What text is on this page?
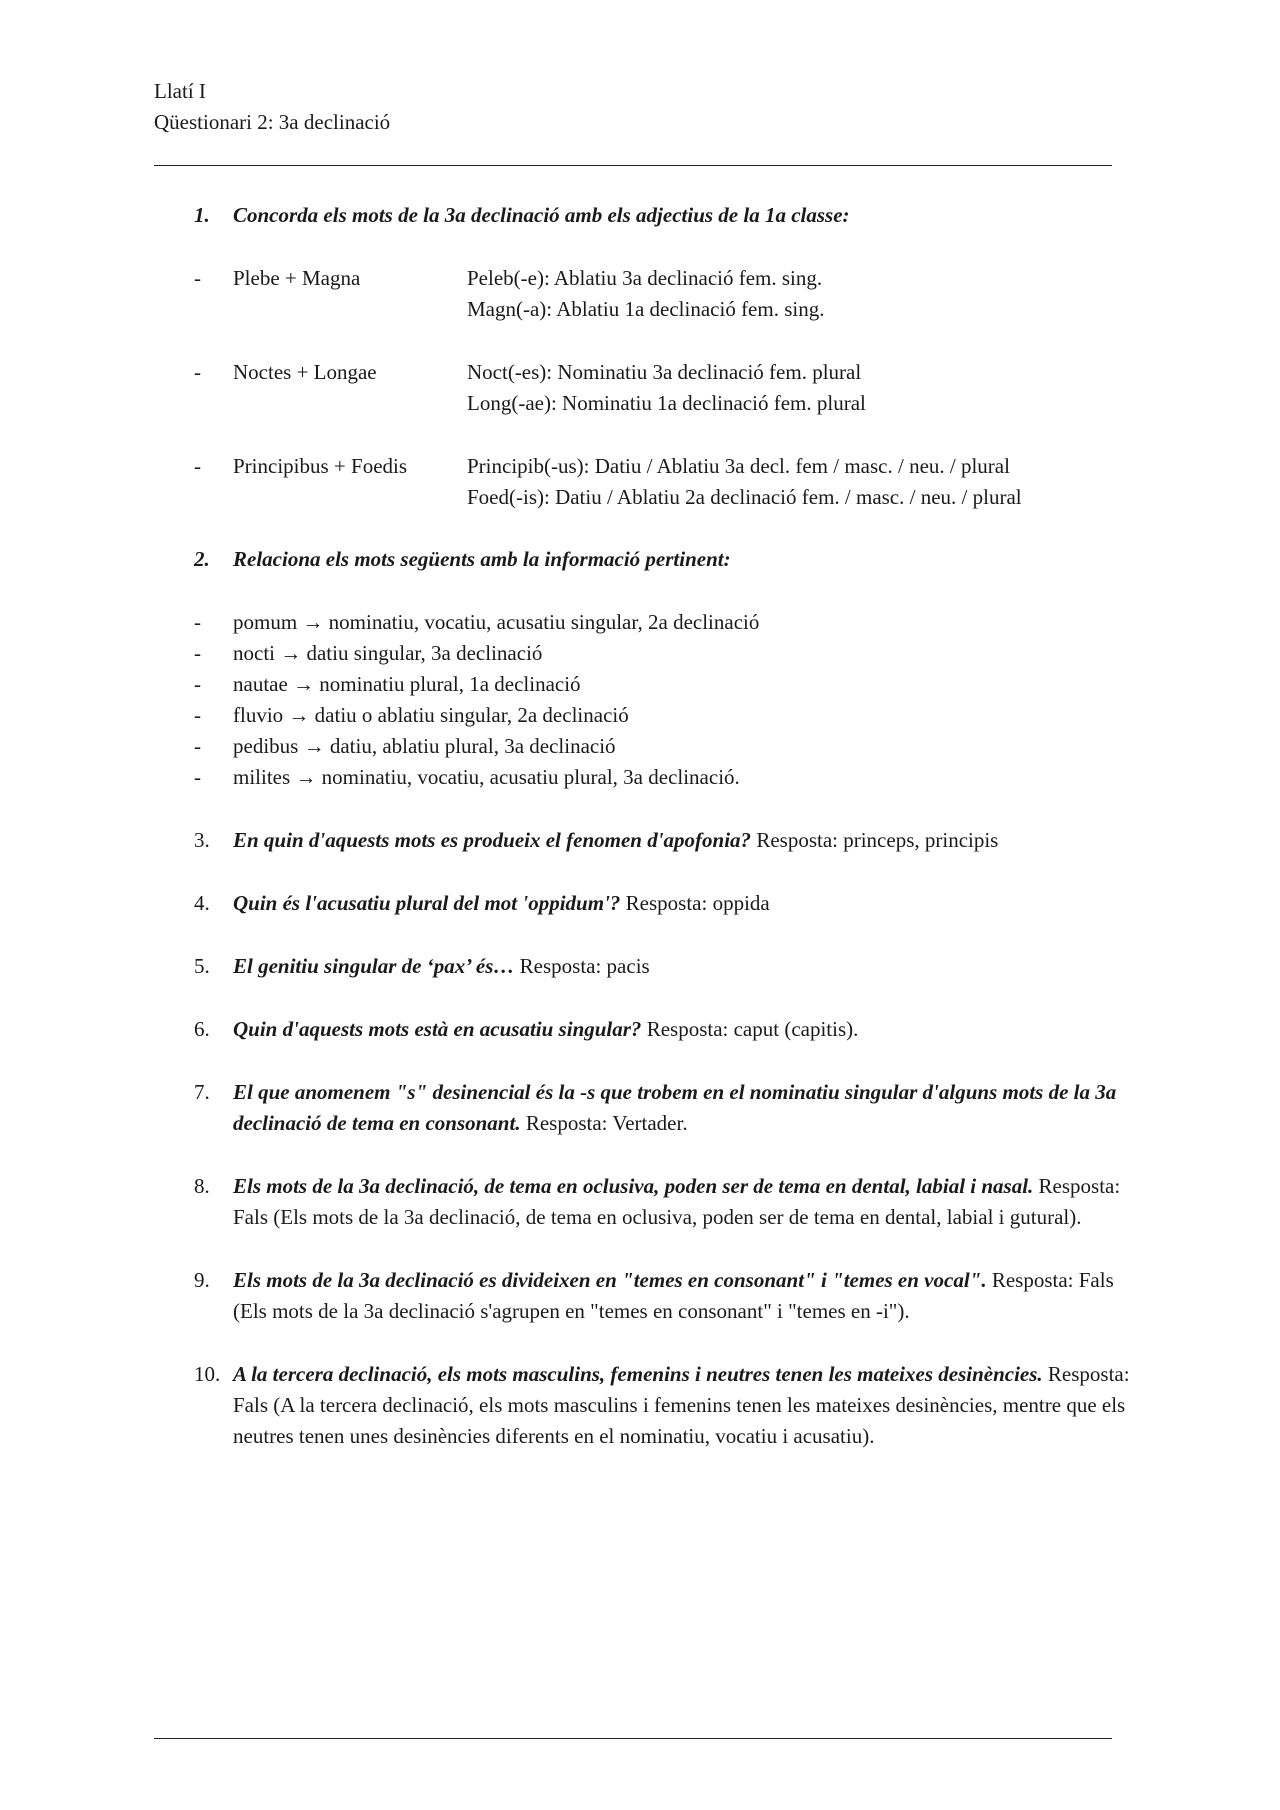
Llatí I
Qüestionari 2: 3a declinació
1.	Concorda els mots de la 3a declinació amb els adjectius de la 1a classe:
- Plebe + Magna	Peleb(-e): Ablatiu 3a declinació fem. sing.
Magn(-a): Ablatiu 1a declinació fem. sing.
- Noctes + Longae	Noct(-es): Nominatiu 3a declinació fem. plural
Long(-ae): Nominatiu 1a declinació fem. plural
- Principibus + Foedis	Principib(-us): Datiu / Ablatiu 3a decl. fem / masc. / neu. / plural
Foed(-is): Datiu / Ablatiu 2a declinació fem. / masc. / neu. / plural
2.	Relaciona els mots següents amb la informació pertinent:
- pomum → nominatiu, vocatiu, acusatiu singular, 2a declinació
- nocti → datiu singular, 3a declinació
- nautae → nominatiu plural, 1a declinació
- fluvio → datiu o ablatiu singular, 2a declinació
- pedibus → datiu, ablatiu plural, 3a declinació
- milites → nominatiu, vocatiu, acusatiu plural, 3a declinació.
3.	En quin d'aquests mots es produeix el fenomen d'apofonia? Resposta: princeps, principis
4.	Quin és l'acusatiu plural del mot 'oppidum'? Resposta: oppida
5.	El genitiu singular de ‘pax’ és… Resposta: pacis
6.	Quin d'aquests mots està en acusatiu singular? Resposta: caput (capitis).
7.	El que anomenem "s" desinencial és la -s que trobem en el nominatiu singular d'alguns mots de la 3a declinació de tema en consonant. Resposta: Vertader.
8.	Els mots de la 3a declinació, de tema en oclusiva, poden ser de tema en dental, labial i nasal. Resposta: Fals (Els mots de la 3a declinació, de tema en oclusiva, poden ser de tema en dental, labial i gutural).
9.	Els mots de la 3a declinació es divideixen en "temes en consonant" i "temes en vocal". Resposta: Fals (Els mots de la 3a declinació s'agrupen en "temes en consonant" i "temes en -i").
10. A la tercera declinació, els mots masculins, femenins i neutres tenen les mateixes desinències. Resposta: Fals (A la tercera declinació, els mots masculins i femenins tenen les mateixes desinències, mentre que els neutres tenen unes desinències diferents en el nominatiu, vocatiu i acusatiu).
